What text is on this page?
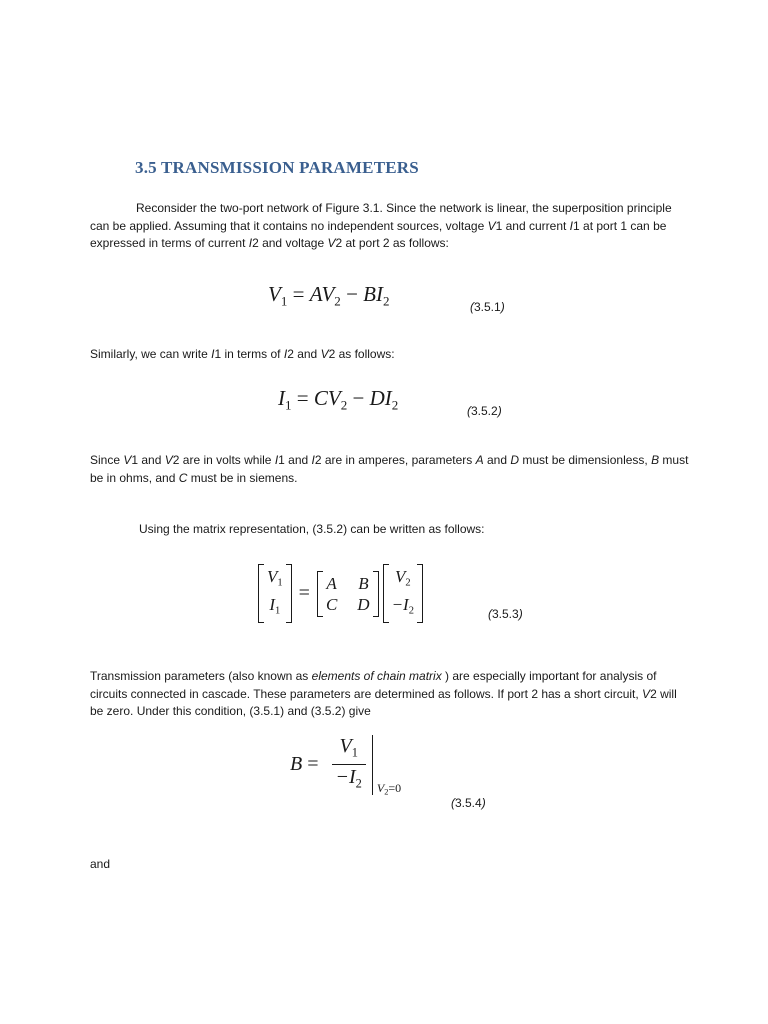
3.5 TRANSMISSION PARAMETERS
Reconsider the two-port network of Figure 3.1. Since the network is linear, the superposition principle can be applied. Assuming that it contains no independent sources, voltage V1 and current I1 at port 1 can be expressed in terms of current I2 and voltage V2 at port 2 as follows:
$V_1 = AV_2 - BI_2$	(3.5.1)
Similarly, we can write I1 in terms of I2 and V2 as follows:
$I_1 = CV_2 - DI_2$	(3.5.2)
Since V1 and V2 are in volts while I1 and I2 are in amperes, parameters A and D must be dimensionless, B must be in ohms, and C must be in siemens.
Using the matrix representation, (3.5.2) can be written as follows:
$V_1$
$I_1$
= A B
C D
$V_2$
$-I_2$	(3.5.3)
Transmission parameters (also known as elements of chain matrix ) are especially important for analysis of circuits connected in cascade. These parameters are determined as follows. If port 2 has a short circuit, V2 will be zero. Under this condition, (3.5.1) and (3.5.2) give
$B = \frac{V_1}{-I_2} V_2=0$
(3.5.4)
and
